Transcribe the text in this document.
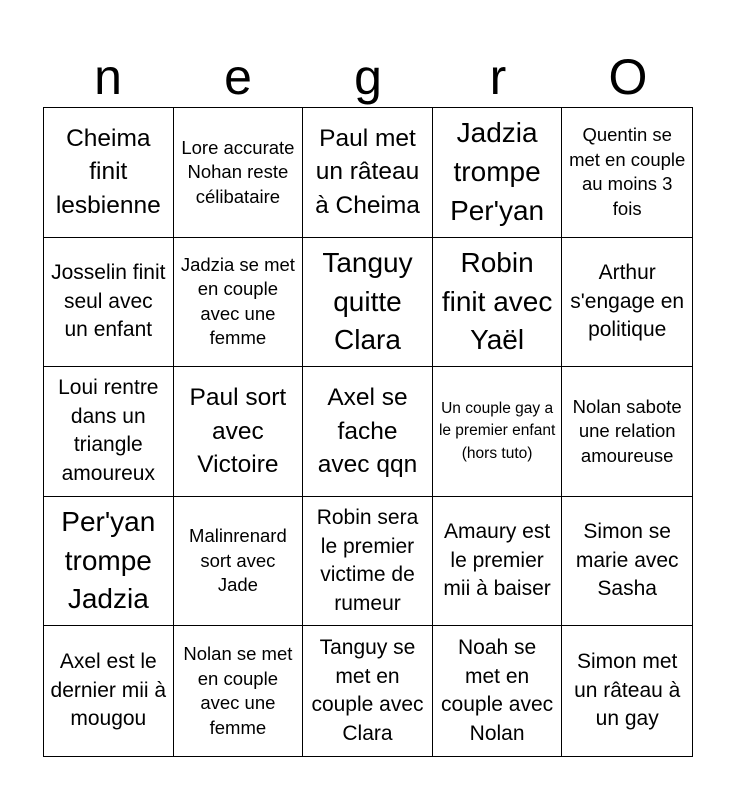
n	e	g	r	O
Cheima finit lesbienne
Lore accurate Nohan reste célibataire
Paul met un râteau à Cheima
Jadzia trompe Per'yan
Quentin se met en couple au moins 3 fois
Josselin finit seul avec un enfant
Jadzia se met en couple avec une femme
Tanguy quitte Clara
Robin finit avec Yaël
Arthur s'engage en politique
Loui rentre dans un triangle amoureux
Paul sort avec Victoire
Axel se fache avec qqn
Un couple gay a le premier enfant (hors tuto)
Nolan sabote une relation amoureuse
Per'yan trompe Jadzia
Malinrenard sort avec Jade
Robin sera le premier victime de rumeur
Amaury est le premier mii à baiser
Simon se marie avec Sasha
Axel est le dernier mii à mougou
Nolan se met en couple avec une femme
Tanguy se met en couple avec Clara
Noah se met en couple avec Nolan
Simon met un râteau à un gay
